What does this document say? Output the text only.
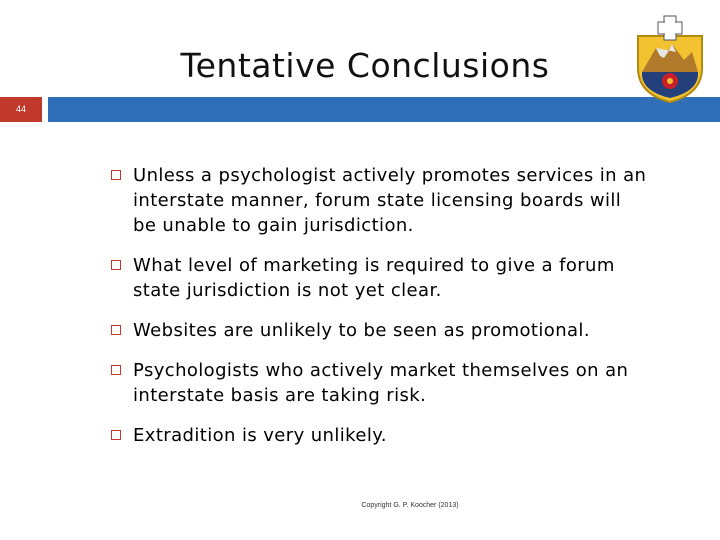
Tentative Conclusions
44
Unless a psychologist actively promotes services in an interstate manner, forum state licensing boards will be unable to gain jurisdiction.
What level of marketing is required to give a forum state jurisdiction is not yet clear.
Websites are unlikely to be seen as promotional.
Psychologists who actively market themselves on an interstate basis are taking risk.
Extradition is very unlikely.
Copyright G. P. Koocher (2013)
